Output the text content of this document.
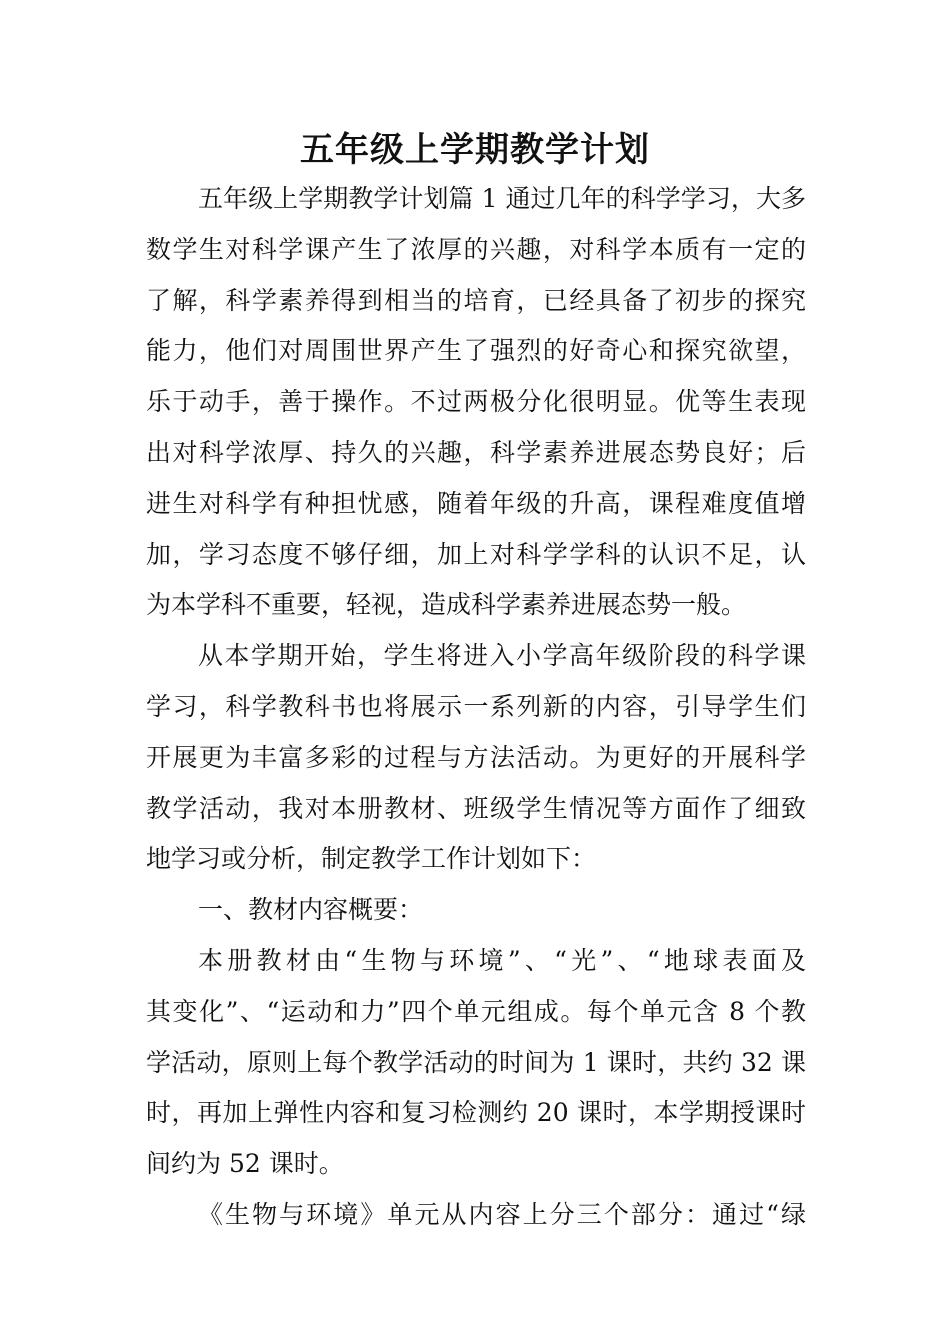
五年级上学期教学计划
五年级上学期教学计划篇 1 通过几年的科学学习，大多
数学生对科学课产生了浓厚的兴趣，对科学本质有一定的
了解，科学素养得到相当的培育，已经具备了初步的探究
能力，他们对周围世界产生了强烈的好奇心和探究欲望，
乐于动手，善于操作。不过两极分化很明显。优等生表现
出对科学浓厚、持久的兴趣，科学素养进展态势良好；后
进生对科学有种担忧感，随着年级的升高，课程难度值增
加，学习态度不够仔细，加上对科学学科的认识不足，认
为本学科不重要，轻视，造成科学素养进展态势一般。
从本学期开始，学生将进入小学高年级阶段的科学课
学习，科学教科书也将展示一系列新的内容，引导学生们
开展更为丰富多彩的过程与方法活动。为更好的开展科学
教学活动，我对本册教材、班级学生情况等方面作了细致
地学习或分析，制定教学工作计划如下：
一、教材内容概要：
本册教材由“生物与环境”、“光”、“地球表面及
其变化”、“运动和力”四个单元组成。每个单元含 8 个教
学活动，原则上每个教学活动的时间为 1 课时，共约 32 课
时，再加上弹性内容和复习检测约 20 课时，本学期授课时
间约为 52 课时。
《生物与环境》单元从内容上分三个部分：通过“绿
